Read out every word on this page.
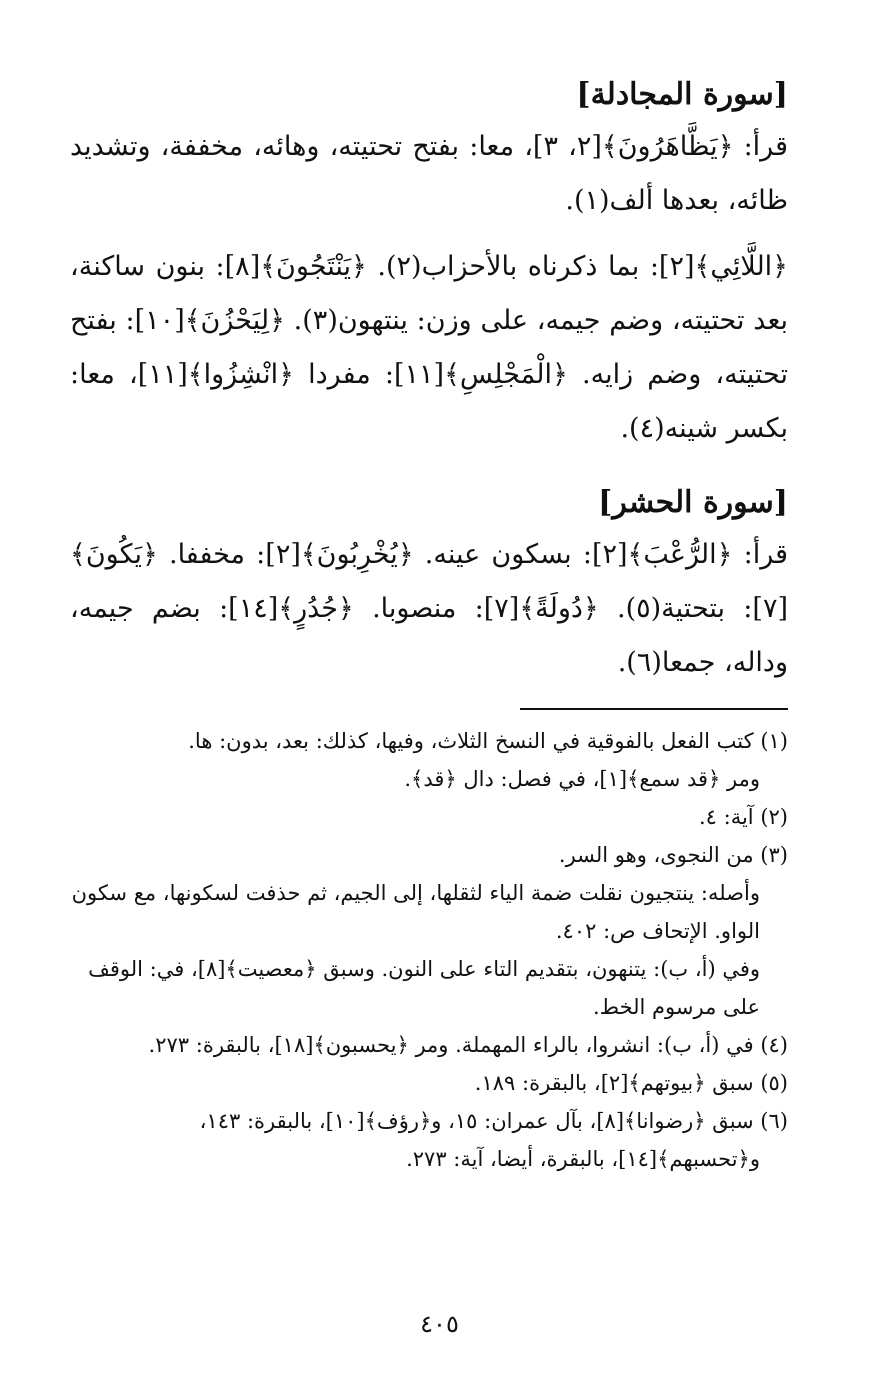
[سورة المجادلة]

قرأ: ﴿يَظَّاهَرُونَ﴾[٢، ٣]، معا: بفتح تحتيته، وهائه، مخففة، وتشديد ظائه، بعدها ألف(١).

﴿اللَّائِي﴾[٢]: بما ذكرناه بالأحزاب(٢). ﴿يَنْتَجُونَ﴾[٨]: بنون ساكنة، بعد تحتيته، وضم جيمه، على وزن: ينتهون(٣). ﴿لِيَحْزُنَ﴾[١٠]: بفتح تحتيته، وضم زايه. ﴿الْمَجْلِسِ﴾[١١]: مفردا ﴿انْشِزُوا﴾[١١]، معا: بكسر شينه(٤).

[سورة الحشر]

قرأ: ﴿الرُّعْبَ﴾[٢]: بسكون عينه. ﴿يُخْرِبُونَ﴾[٢]: مخففا. ﴿يَكُونَ﴾[٧]: بتحتية(٥). ﴿دُولَةً﴾[٧]: منصوبا. ﴿جُدُرٍ﴾[١٤]: بضم جيمه، وداله، جمعا(٦).

(١) كتب الفعل بالفوقية في النسخ الثلاث، وفيها، كذلك: بعد، بدون: ها.

ومر ﴿قد سمع﴾[١]، في فصل: دال ﴿قد﴾.

(٢) آية: ٤.

(٣) من النجوى، وهو السر.

وأصله: ينتجيون نقلت ضمة الياء لثقلها، إلى الجيم، ثم حذفت لسكونها، مع سكون الواو. الإتحاف ص: ٤٠٢.

وفي (أ، ب): يتنهون، بتقديم التاء على النون. وسبق ﴿معصيت﴾[٨]، في: الوقف على مرسوم الخط.

(٤) في (أ، ب): انشروا، بالراء المهملة. ومر ﴿يحسبون﴾[١٨]، بالبقرة: ٢٧٣.

(٥) سبق ﴿بيوتهم﴾[٢]، بالبقرة: ١٨٩.

(٦) سبق ﴿رضوانا﴾[٨]، بآل عمران: ١٥، و﴿رؤف﴾[١٠]، بالبقرة: ١٤٣،

و﴿تحسبهم﴾[١٤]، بالبقرة، أيضا، آية: ٢٧٣.

٤٠٥
